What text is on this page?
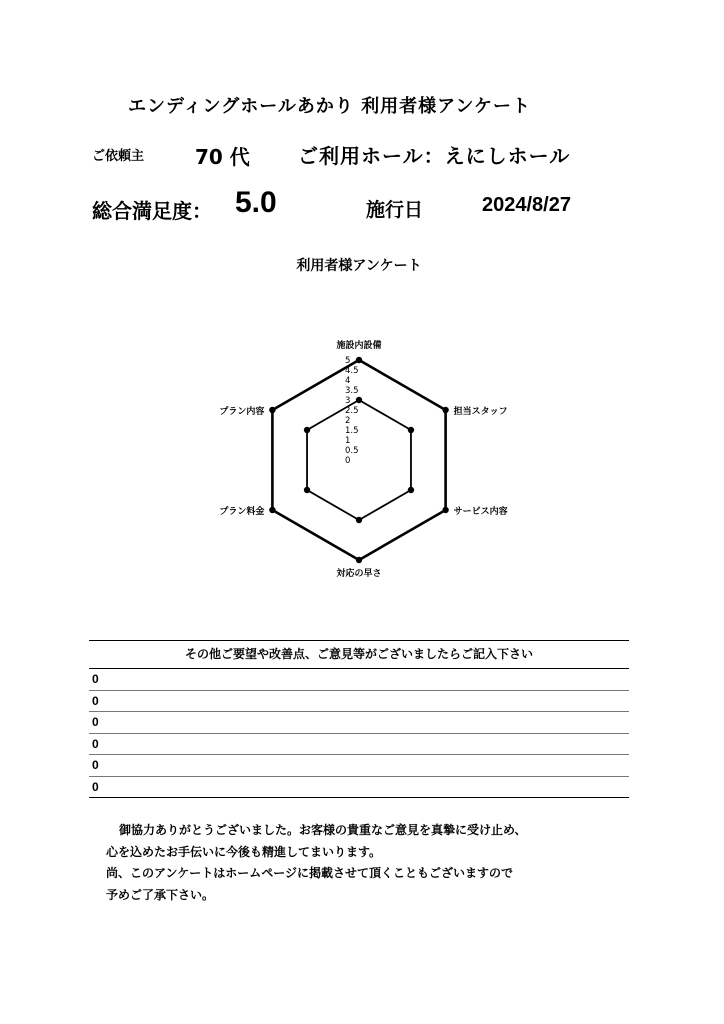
エンディングホールあかり 利用者様アンケート
ご依頼主	70 代 ご利用ホール：えにしホール
総合満足度： 5.0	施行日	2024/8/27
利用者様アンケート
0
0.5
1
1.5
2
2.5
3
3.5
4
4.5
5
施設内設備
担当スタッフ
サービス内容
対応の早さ
プラン料金
プラン内容
その他ご要望や改善点、ご意見等がございましたらご記入下さい
0
0
0
0
0
0
御協力ありがとうございました。お客様の貴重なご意見を真摯に受け止め、
心を込めたお手伝いに今後も精進してまいります。
尚、このアンケートはホームページに掲載させて頂くこともございますので
予めご了承下さい。
